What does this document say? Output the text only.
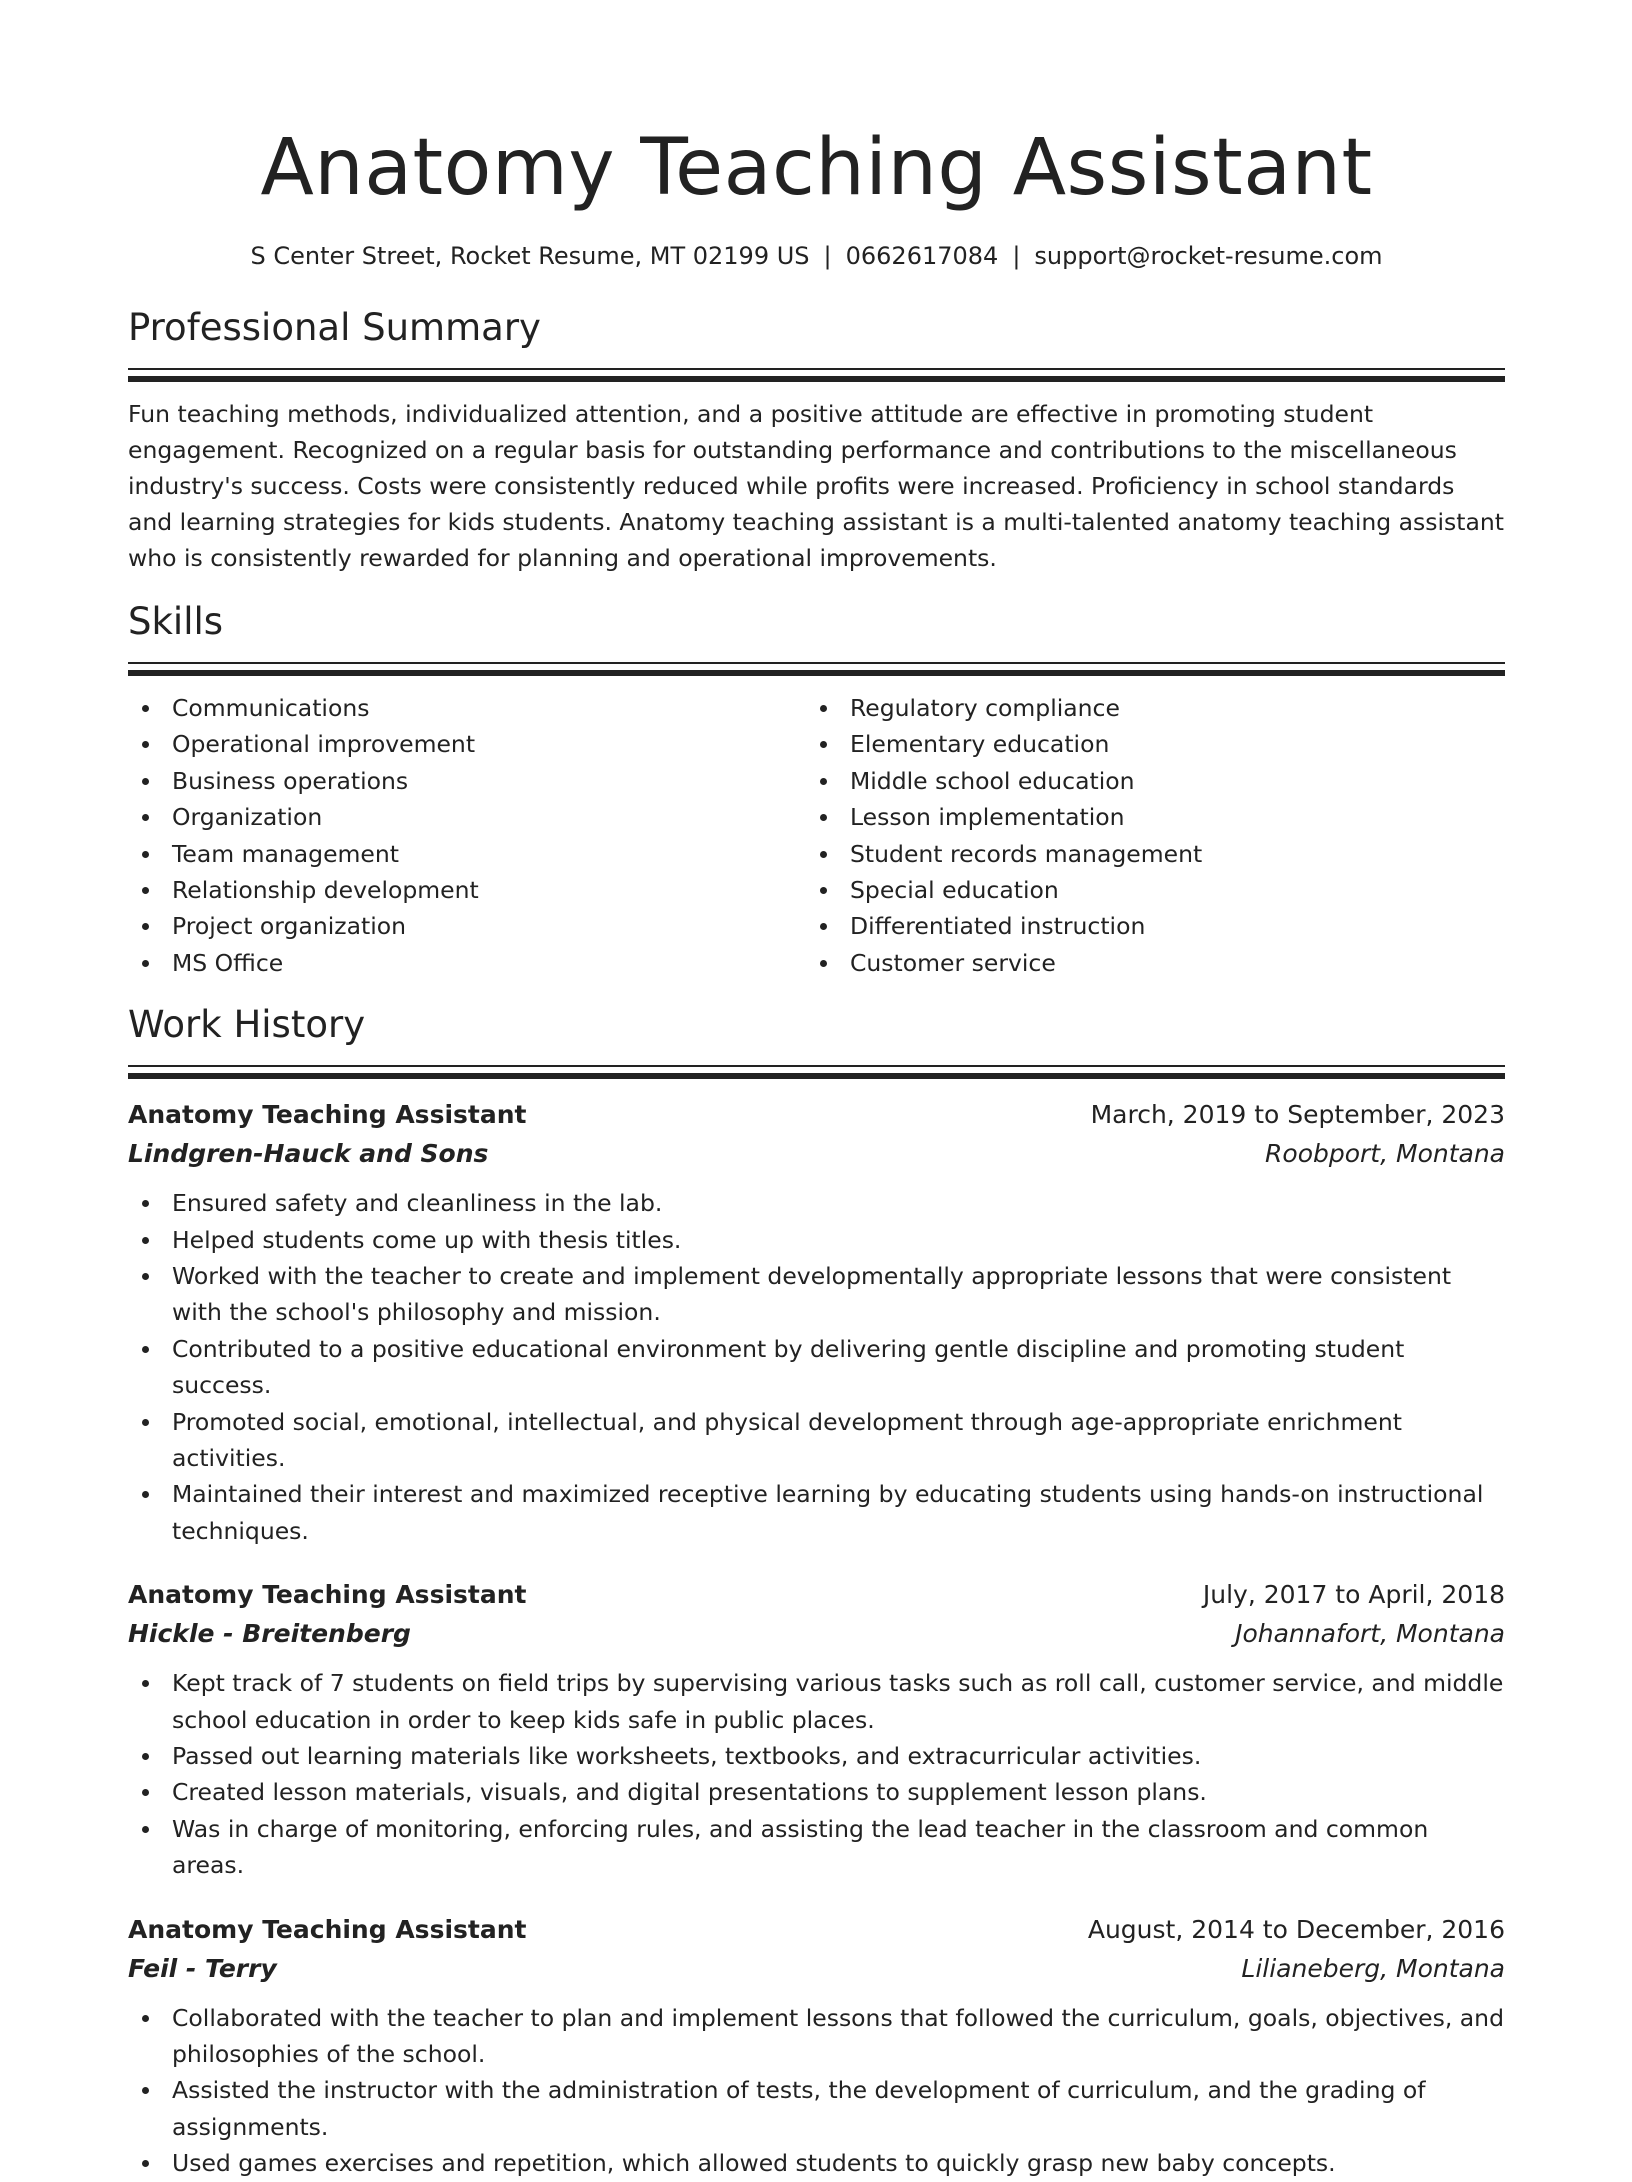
Anatomy Teaching Assistant
S Center Street, Rocket Resume, MT 02199 US | 0662617084 | support@rocket-resume.com
Professional Summary

Fun teaching methods, individualized attention, and a positive attitude are effective in promoting student engagement. Recognized on a regular basis for outstanding performance and contributions to the miscellaneous industry's success. Costs were consistently reduced while profits were increased. Proficiency in school standards and learning strategies for kids students. Anatomy teaching assistant is a multi-talented anatomy teaching assistant who is consistently rewarded for planning and operational improvements.

Skills
Communications
Operational improvement
Business operations
Organization
Team management
Relationship development
Project organization
MS Office
Regulatory compliance
Elementary education
Middle school education
Lesson implementation
Student records management
Special education
Differentiated instruction
Customer service
Work History
Anatomy Teaching Assistant	March, 2019 to September, 2023
Lindgren-Hauck and Sons	Roobport, Montana
Ensured safety and cleanliness in the lab.
Helped students come up with thesis titles.
Worked with the teacher to create and implement developmentally appropriate lessons that were consistent with the school's philosophy and mission.
Contributed to a positive educational environment by delivering gentle discipline and promoting student success.
Promoted social, emotional, intellectual, and physical development through age-appropriate enrichment activities.
Maintained their interest and maximized receptive learning by educating students using hands-on instructional techniques.
Anatomy Teaching Assistant	July, 2017 to April, 2018
Hickle - Breitenberg	Johannafort, Montana
Kept track of 7 students on field trips by supervising various tasks such as roll call, customer service, and middle school education in order to keep kids safe in public places.
Passed out learning materials like worksheets, textbooks, and extracurricular activities.
Created lesson materials, visuals, and digital presentations to supplement lesson plans.
Was in charge of monitoring, enforcing rules, and assisting the lead teacher in the classroom and common areas.
Anatomy Teaching Assistant	August, 2014 to December, 2016
Feil - Terry	Lilianeberg, Montana
Collaborated with the teacher to plan and implement lessons that followed the curriculum, goals, objectives, and philosophies of the school.
Assisted the instructor with the administration of tests, the development of curriculum, and the grading of assignments.
Used games exercises and repetition, which allowed students to quickly grasp new baby concepts.
